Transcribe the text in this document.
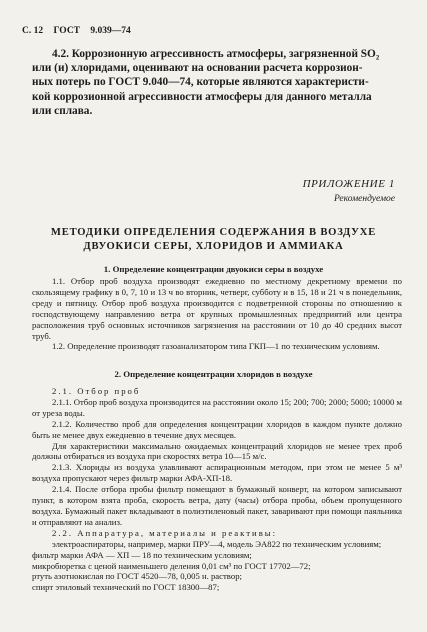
С. 12 ГОСТ 9.039—74
4.2. Коррозионную агрессивность атмосферы, загрязненной SO₂
или (и) хлоридами, оценивают на основании расчета коррозион-
ных потерь по ГОСТ 9.040—74, которые являются характеристи-
кой коррозионной агрессивности атмосферы для данного металла
или сплава.
ПРИЛОЖЕНИЕ 1
Рекомендуемое
МЕТОДИКИ ОПРЕДЕЛЕНИЯ СОДЕРЖАНИЯ В ВОЗДУХЕ
ДВУОКИСИ СЕРЫ, ХЛОРИДОВ И АММИАКА
1. Определение концентрации двуокиси серы в воздухе

1.1. Отбор проб воздуха производят ежедневно по местному декретному времени по скользящему графику в 0, 7, 10 и 13 ч во вторник, четверг, субботу и в 15, 18 и 21 ч в понедельник, среду и пятницу. Отбор проб воздуха производится с подветренной стороны по отношению к господствующему направлению ветра от крупных промышленных предприятий или центра расположения труб основных источников загрязнения на расстоянии от 10 до 40 средних высот труб.

1.2. Определение производят газоанализатором типа ГКП—1 по техническим условиям.

2. Определение концентрации хлоридов в воздухе

2.1. Отбор проб

2.1.1. Отбор проб воздуха производится на расстоянии около 15; 200; 700; 2000; 5000; 10000 м от уреза воды.

2.1.2. Количество проб для определения концентрации хлоридов в каждом пункте должно быть не менее двух ежедневно в течение двух месяцев.

Для характеристики максимально ожидаемых концентраций хлоридов не менее трех проб должны отбираться из воздуха при скоростях ветра 10—15 м/с.

2.1.3. Хлориды из воздуха улавливают аспирационным методом, при этом не менее 5 м³ воздуха пропускают через фильтр марки АФА-ХП-18.

2.1.4. После отбора пробы фильтр помещают в бумажный конверт, на котором записывают пункт, в котором взята проба, скорость ветра, дату (часы) отбора пробы, объем пропущенного воздуха. Бумажный пакет вкладывают в полиэтиленовый пакет, заваривают при помощи паяльника и отправляют на анализ.

2.2. Аппаратура, материалы и реактивы:

электроаспираторы, например, марки ПРУ—4, модель ЭА822 по техническим условиям;

фильтр марки АФА — ХП — 18 по техническим условиям;

микробюретка с ценой наименьшего деления 0,01 см³ по ГОСТ 17702—72;

ртуть азотнокислая по ГОСТ 4520—78, 0,005 н. раствор;

спирт этиловый технический по ГОСТ 18300—87;
